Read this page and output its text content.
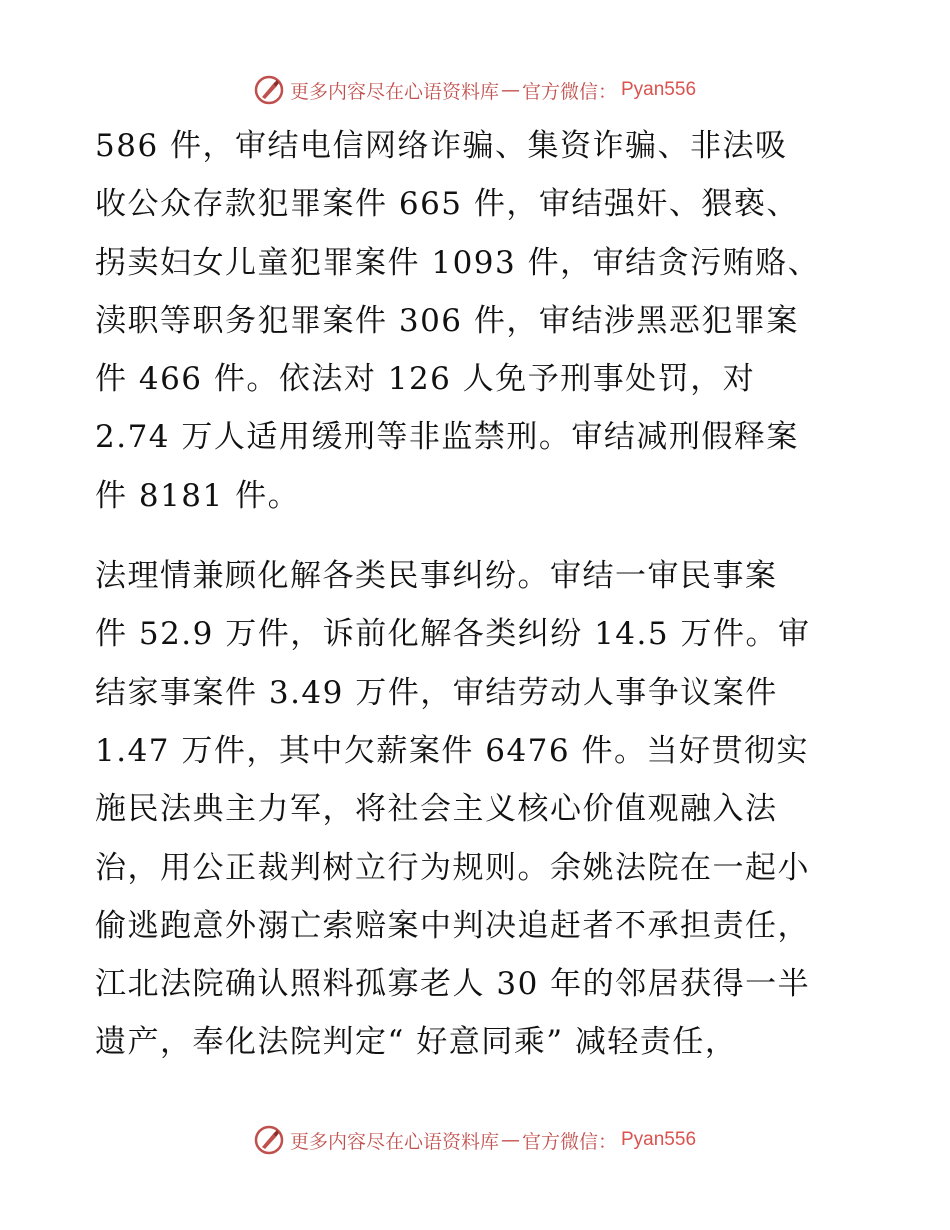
更多内容尽在心语资料库 — 官方微信： Pyan556

586 件，审结电信网络诈骗、集资诈骗、非法吸
收公众存款犯罪案件 665 件，审结强奸、猥亵、
拐卖妇女儿童犯罪案件 1093 件，审结贪污贿赂、
渎职等职务犯罪案件 306 件，审结涉黑恶犯罪案
件 466 件。依法对 126 人免予刑事处罚，对
2.74 万人适用缓刑等非监禁刑。审结减刑假释案
件 8181 件。

法理情兼顾化解各类民事纠纷。审结一审民事案
件 52.9 万件，诉前化解各类纠纷 14.5 万件。审
结家事案件 3.49 万件，审结劳动人事争议案件
1.47 万件，其中欠薪案件 6476 件。当好贯彻实
施民法典主力军，将社会主义核心价值观融入法
治，用公正裁判树立行为规则。余姚法院在一起小
偷逃跑意外溺亡索赔案中判决追赶者不承担责任，
江北法院确认照料孤寡老人 30 年的邻居获得一半
遗产，奉化法院判定“ 好意同乘” 减轻责任，

更多内容尽在心语资料库 — 官方微信： Pyan556
